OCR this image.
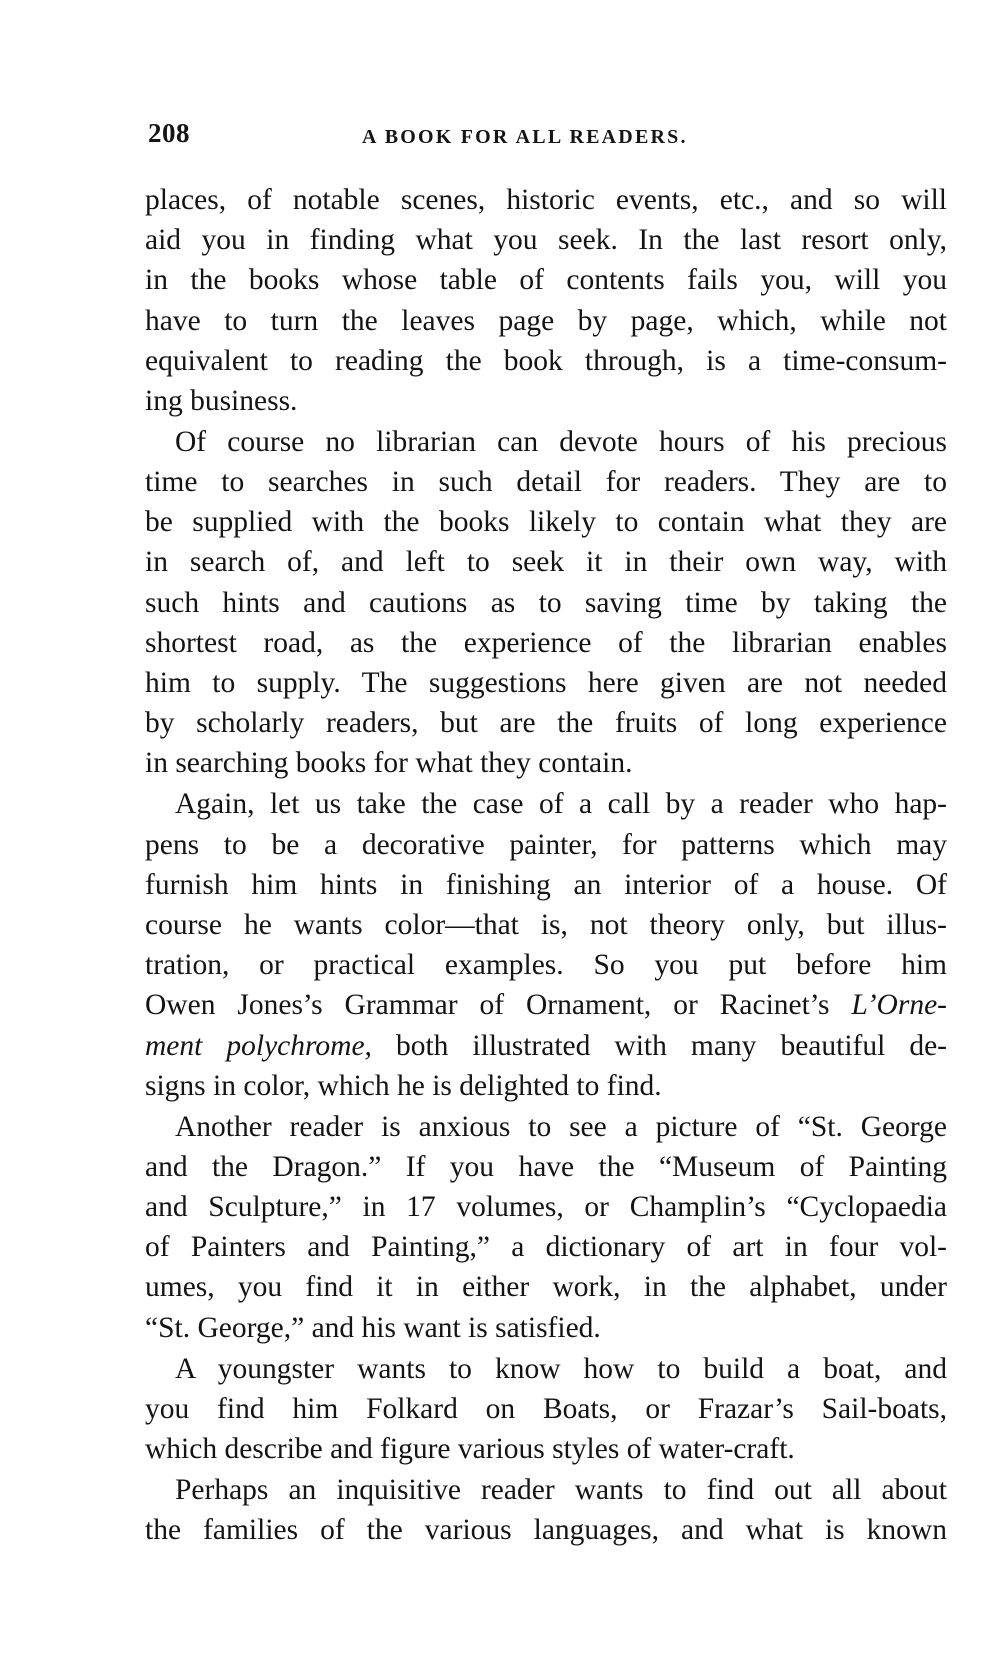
208	A BOOK FOR ALL READERS.
places, of notable scenes, historic events, etc., and so will
aid you in finding what you seek. In the last resort only,
in the books whose table of contents fails you, will you
have to turn the leaves page by page, which, while not
equivalent to reading the book through, is a time-consum-
ing business.
Of course no librarian can devote hours of his precious
time to searches in such detail for readers. They are to
be supplied with the books likely to contain what they are
in search of, and left to seek it in their own way, with
such hints and cautions as to saving time by taking the
shortest road, as the experience of the librarian enables
him to supply. The suggestions here given are not needed
by scholarly readers, but are the fruits of long experience
in searching books for what they contain.
Again, let us take the case of a call by a reader who hap-
pens to be a decorative painter, for patterns which may
furnish him hints in finishing an interior of a house. Of
course he wants color—that is, not theory only, but illus-
tration, or practical examples. So you put before him
Owen Jones’s Grammar of Ornament, or Racinet’s L’Orne-
ment polychrome, both illustrated with many beautiful de-
signs in color, which he is delighted to find.
Another reader is anxious to see a picture of “St. George
and the Dragon.” If you have the “Museum of Painting
and Sculpture,” in 17 volumes, or Champlin’s “Cyclopaedia
of Painters and Painting,” a dictionary of art in four vol-
umes, you find it in either work, in the alphabet, under
“St. George,” and his want is satisfied.
A youngster wants to know how to build a boat, and
you find him Folkard on Boats, or Frazar’s Sail-boats,
which describe and figure various styles of water-craft.
Perhaps an inquisitive reader wants to find out all about
the families of the various languages, and what is known
